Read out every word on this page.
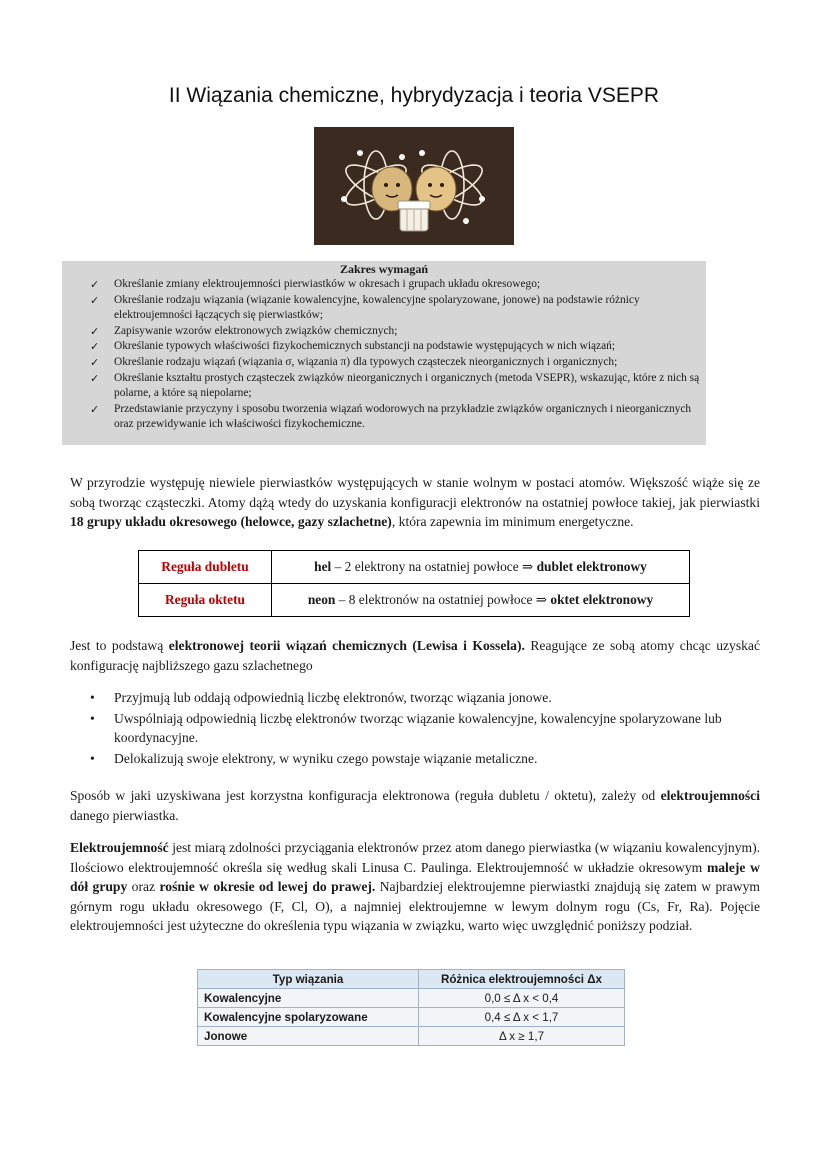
II Wiązania chemiczne, hybrydyzacja i teoria VSEPR
Zakres wymagań
✓ Określanie zmiany elektroujemności pierwiastków w okresach i grupach układu okresowego;
✓ Określanie rodzaju wiązania (wiązanie kowalencyjne, kowalencyjne spolaryzowane, jonowe) na podstawie różnicy elektroujemności łączących się pierwiastków;
✓ Zapisywanie wzorów elektronowych związków chemicznych;
✓ Określanie typowych właściwości fizykochemicznych substancji na podstawie występujących w nich wiązań;
✓ Określanie rodzaju wiązań (wiązania σ, wiązania π) dla typowych cząsteczek nieorganicznych i organicznych;
✓ Określanie kształtu prostych cząsteczek związków nieorganicznych i organicznych (metoda VSEPR), wskazując, które z nich są polarne, a które są niepolarne;
✓ Przedstawianie przyczyny i sposobu tworzenia wiązań wodorowych na przykładzie związków organicznych i nieorganicznych oraz przewidywanie ich właściwości fizykochemiczne.
W przyrodzie występuję niewiele pierwiastków występujących w stanie wolnym w postaci atomów. Większość wiąże się ze sobą tworząc cząsteczki. Atomy dążą wtedy do uzyskania konfiguracji elektronów na ostatniej powłoce takiej, jak pierwiastki 18 grupy układu okresowego (helowce, gazy szlachetne), która zapewnia im minimum energetyczne.
Reguła dubletu	hel – 2 elektrony na ostatniej powłoce ⇒ dublet elektronowy
Reguła oktetu	neon – 8 elektronów na ostatniej powłoce ⇒ oktet elektronowy
Jest to podstawą elektronowej teorii wiązań chemicznych (Lewisa i Kossela). Reagujące ze sobą atomy chcąc uzyskać konfigurację najbliższego gazu szlachetnego
• Przyjmują lub oddają odpowiednią liczbę elektronów, tworząc wiązania jonowe.
• Uwspólniają odpowiednią liczbę elektronów tworząc wiązanie kowalencyjne, kowalencyjne spolaryzowane lub koordynacyjne.
• Delokalizują swoje elektrony, w wyniku czego powstaje wiązanie metaliczne.
Sposób w jaki uzyskiwana jest korzystna konfiguracja elektronowa (reguła dubletu / oktetu), zależy od elektroujemności danego pierwiastka.
Elektroujemność jest miarą zdolności przyciągania elektronów przez atom danego pierwiastka (w wiązaniu kowalencyjnym). Ilościowo elektroujemność określa się według skali Linusa C. Paulinga. Elektroujemność w układzie okresowym maleje w dół grupy oraz rośnie w okresie od lewej do prawej. Najbardziej elektroujemne pierwiastki znajdują się zatem w prawym górnym rogu układu okresowego (F, Cl, O), a najmniej elektroujemne w lewym dolnym rogu (Cs, Fr, Ra). Pojęcie elektroujemności jest użyteczne do określenia typu wiązania w związku, warto więc uwzględnić poniższy podział.
Typ wiązania	Różnica elektroujemności Δx
Kowalencyjne	0,0 ≤ Δ x < 0,4
Kowalencyjne spolaryzowane	0,4 ≤ Δ x < 1,7
Jonowe	Δ x ≥ 1,7
